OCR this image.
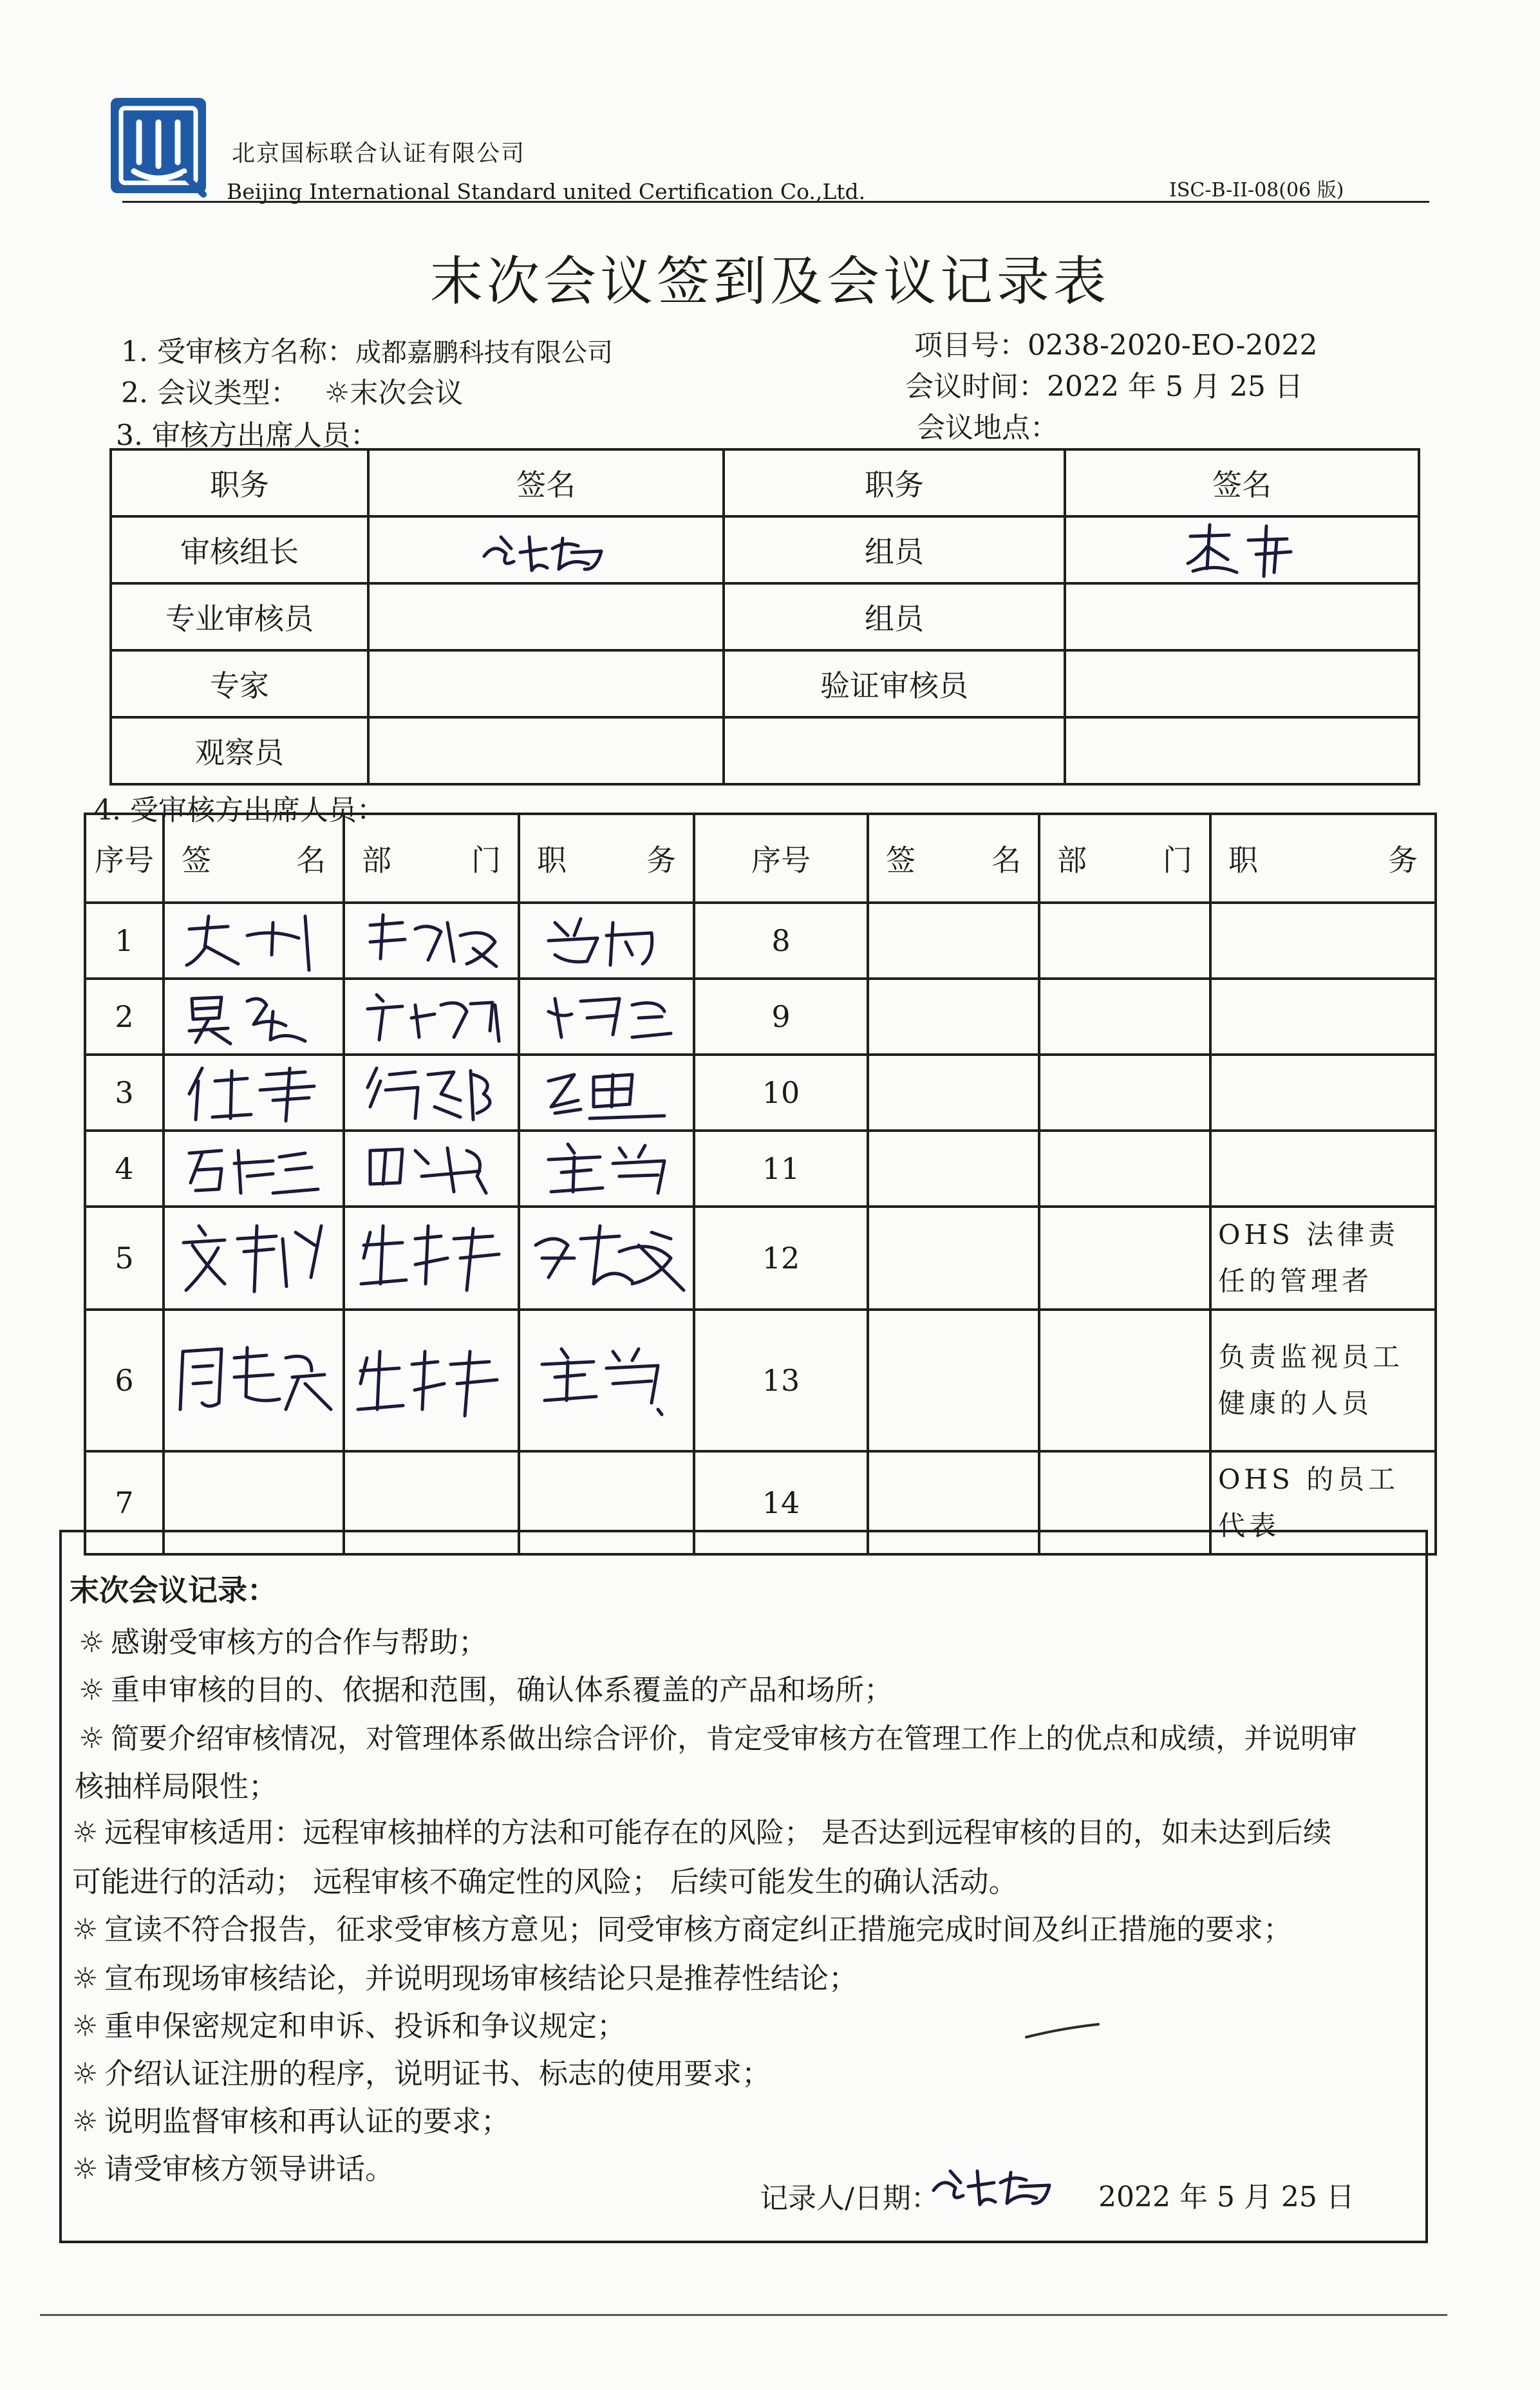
北京国标联合认证有限公司
Beijing International Standard united Certification Co.,Ltd.	ISC-B-II-08(06 版)
末次会议签到及会议记录表
1. 受审核方名称：成都嘉鹏科技有限公司
2. 会议类型： ☼末次会议
3. 审核方出席人员：
项目号：0238-2020-EO-2022
会议时间：2022 年 5 月 25 日
会议地点：
职务	签名	职务	签名
审核组长		组员	

专业审核员		组员	
专家		验证审核员	
观察员			
4. 受审核方出席人员：
序号	签 名	部 门	职 务	序号	签 名	部 门	职 务

1				8			
2				9			
3				10			
4				11			
5				12			OHS 法律责任的管理者
6				13			负责监视员工健康的人员
7				14			OHS 的员工代表
末次会议记录：
☼ 感谢受审核方的合作与帮助；
☼ 重申审核的目的、依据和范围，确认体系覆盖的产品和场所；
☼ 简要介绍审核情况，对管理体系做出综合评价，肯定受审核方在管理工作上的优点和成绩，并说明审
核抽样局限性；
☼ 远程审核适用：远程审核抽样的方法和可能存在的风险； 是否达到远程审核的目的，如未达到后续
可能进行的活动； 远程审核不确定性的风险； 后续可能发生的确认活动。
☼ 宣读不符合报告，征求受审核方意见；同受审核方商定纠正措施完成时间及纠正措施的要求；
☼ 宣布现场审核结论，并说明现场审核结论只是推荐性结论；
☼ 重申保密规定和申诉、投诉和争议规定；
☼ 介绍认证注册的程序，说明证书、标志的使用要求；
☼ 说明监督审核和再认证的要求；
☼ 请受审核方领导讲话。
记录人/日期：	2022 年 5 月 25 日
